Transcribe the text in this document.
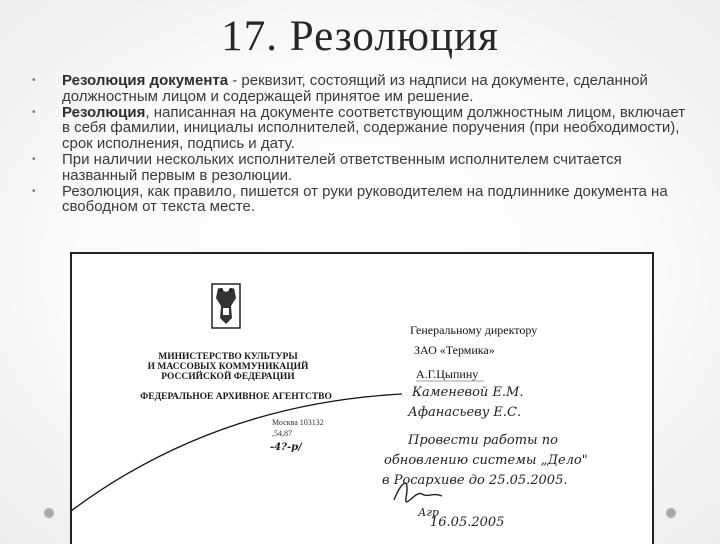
17. Резолюция
• Резолюция документа - реквизит, состоящий из надписи на документе, сделанной должностным лицом и содержащей принятое им решение.
• Резолюция, написанная на документе соответствующим должностным лицом, включает в себя фамилии, инициалы исполнителей, содержание поручения (при необходимости), срок исполнения, подпись и дату.
• При наличии нескольких исполнителей ответственным исполнителем считается названный первым в резолюции.
• Резолюция, как правило, пишется от руки руководителем на подлиннике документа на свободном от текста месте.
МИНИСТЕРСТВО КУЛЬТУРЫ
И МАССОВЫХ КОММУНИКАЦИЙ
РОССИЙСКОЙ ФЕДЕРАЦИИ
ФЕДЕРАЛЬНОЕ АРХИВНОЕ АГЕНТСТВО
Москва 103132
,54,87
-4?-р/
Генеральному директору
ЗАО «Термика»
А.Г.Цыпину
Каменевой Е.М.
Афанасьеву Е.С.
Провести работы по
обновлению системы „Дело"
в Росархиве до 25.05.2005.
Агр
16.05.2005
